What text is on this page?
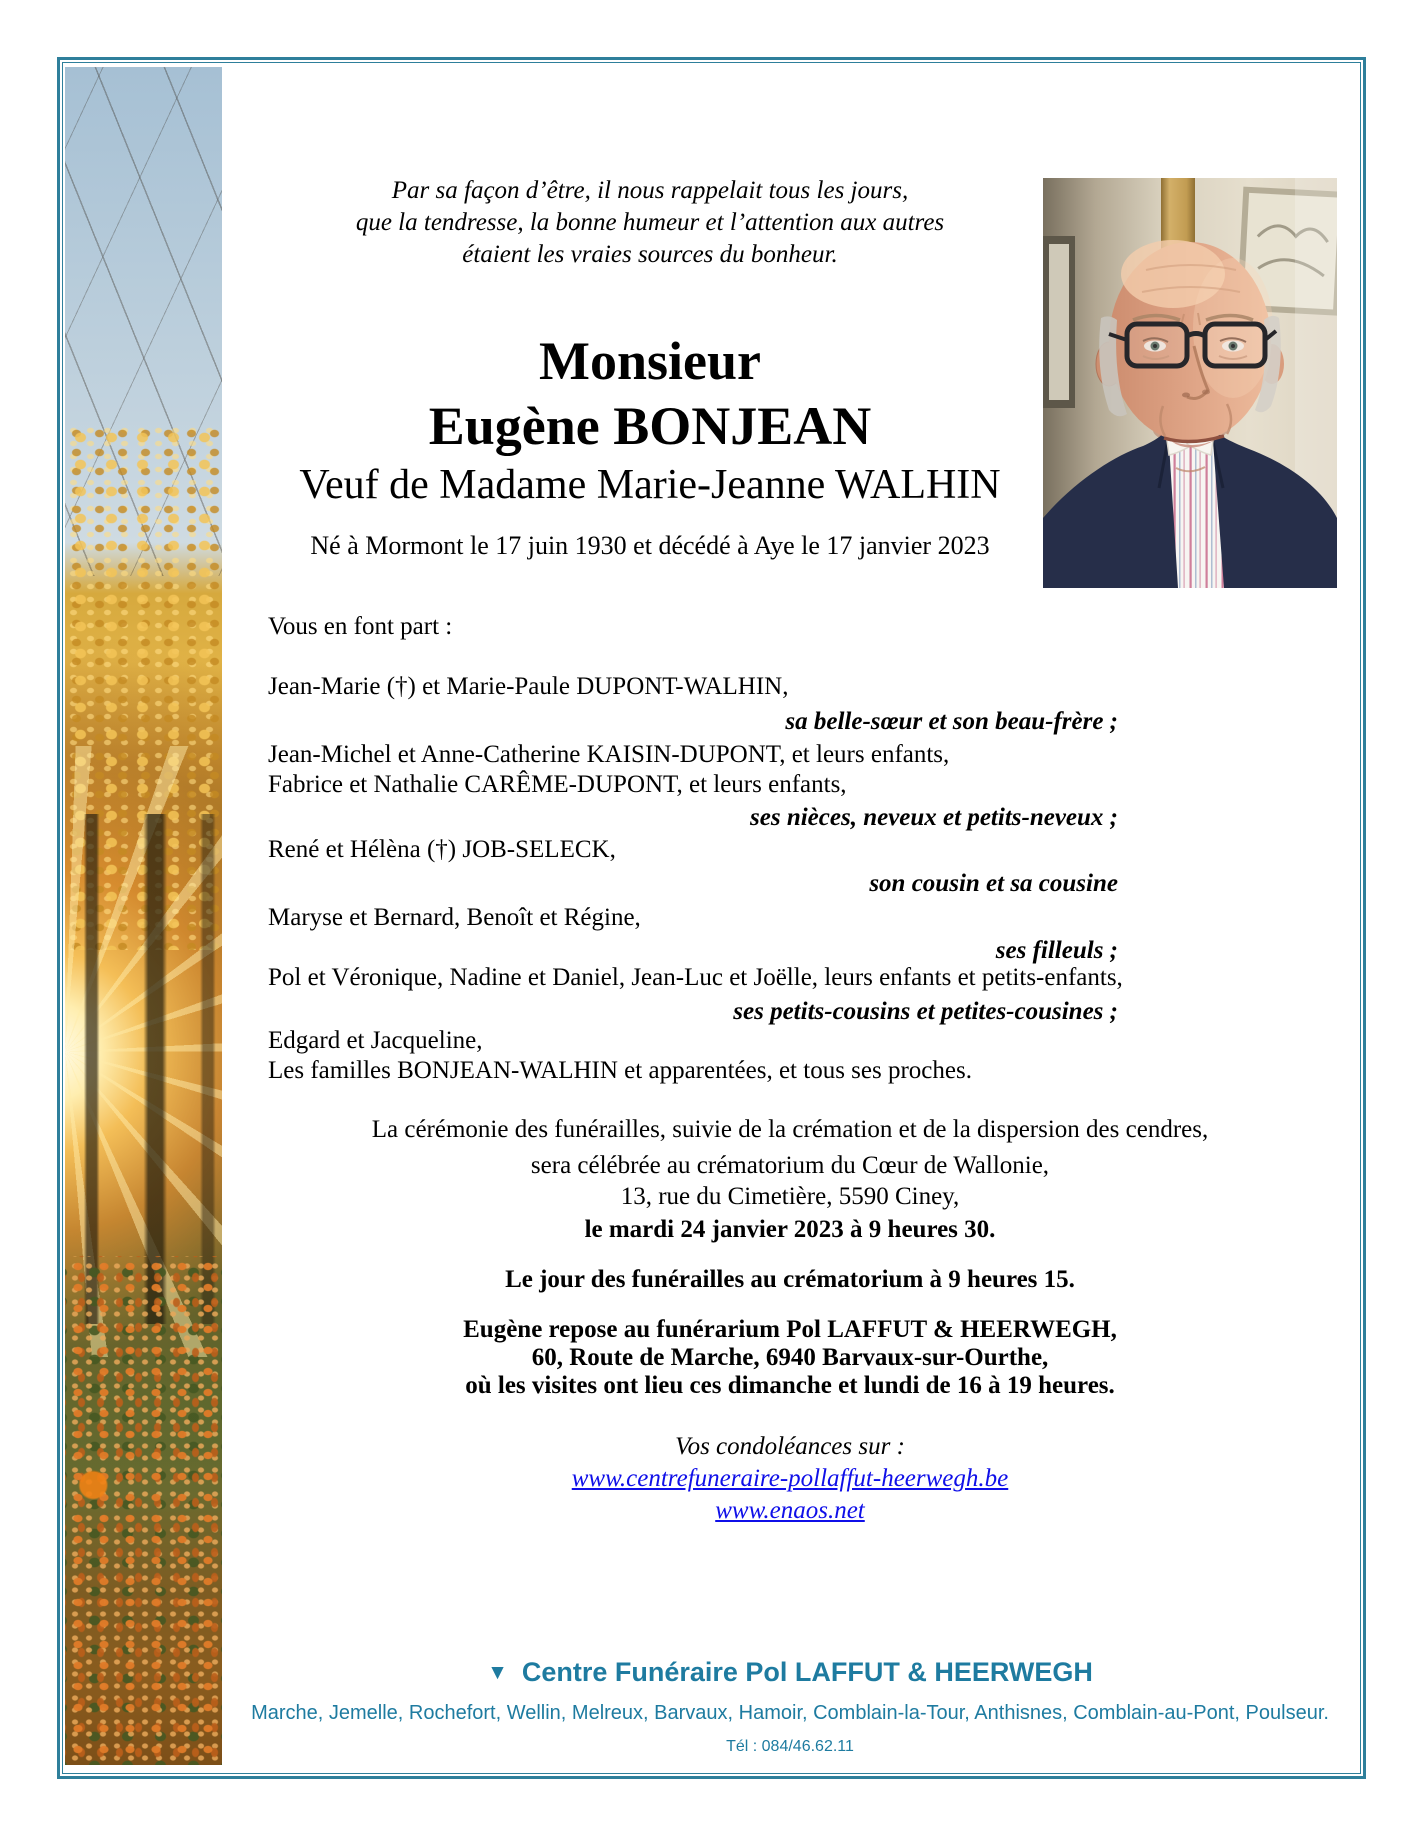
Par sa façon d’être, il nous rappelait tous les jours,
que la tendresse, la bonne humeur et l’attention aux autres
étaient les vraies sources du bonheur.
Monsieur
Eugène BONJEAN
Veuf de Madame Marie-Jeanne WALHIN
Né à Mormont le 17 juin 1930 et décédé à Aye le 17 janvier 2023
Vous en font part :
Jean-Marie (†) et Marie-Paule DUPONT-WALHIN,
sa belle-sœur et son beau-frère ;
Jean-Michel et Anne-Catherine KAISIN-DUPONT, et leurs enfants,
Fabrice et Nathalie CARÊME-DUPONT, et leurs enfants,
ses nièces, neveux et petits-neveux ;
René et Hélèna (†) JOB-SELECK,
son cousin et sa cousine
Maryse et Bernard, Benoît et Régine,
ses filleuls ;
Pol et Véronique, Nadine et Daniel, Jean-Luc et Joëlle, leurs enfants et petits-enfants,
ses petits-cousins et petites-cousines ;
Edgard et Jacqueline,
Les familles BONJEAN-WALHIN et apparentées, et tous ses proches.
La cérémonie des funérailles, suivie de la crémation et de la dispersion des cendres,
sera célébrée au crématorium du Cœur de Wallonie,
13, rue du Cimetière, 5590 Ciney,
le mardi 24 janvier 2023 à 9 heures 30.
Le jour des funérailles au crématorium à 9 heures 15.
Eugène repose au funérarium Pol LAFFUT & HEERWEGH,
60, Route de Marche, 6940 Barvaux-sur-Ourthe,
où les visites ont lieu ces dimanche et lundi de 16 à 19 heures.
Vos condoléances sur :
www.centrefuneraire-pollaffut-heerwegh.be
www.enaos.net
▼ Centre Funéraire Pol LAFFUT & HEERWEGH
Marche, Jemelle, Rochefort, Wellin, Melreux, Barvaux, Hamoir, Comblain-la-Tour, Anthisnes, Comblain-au-Pont, Poulseur.
Tél : 084/46.62.11
